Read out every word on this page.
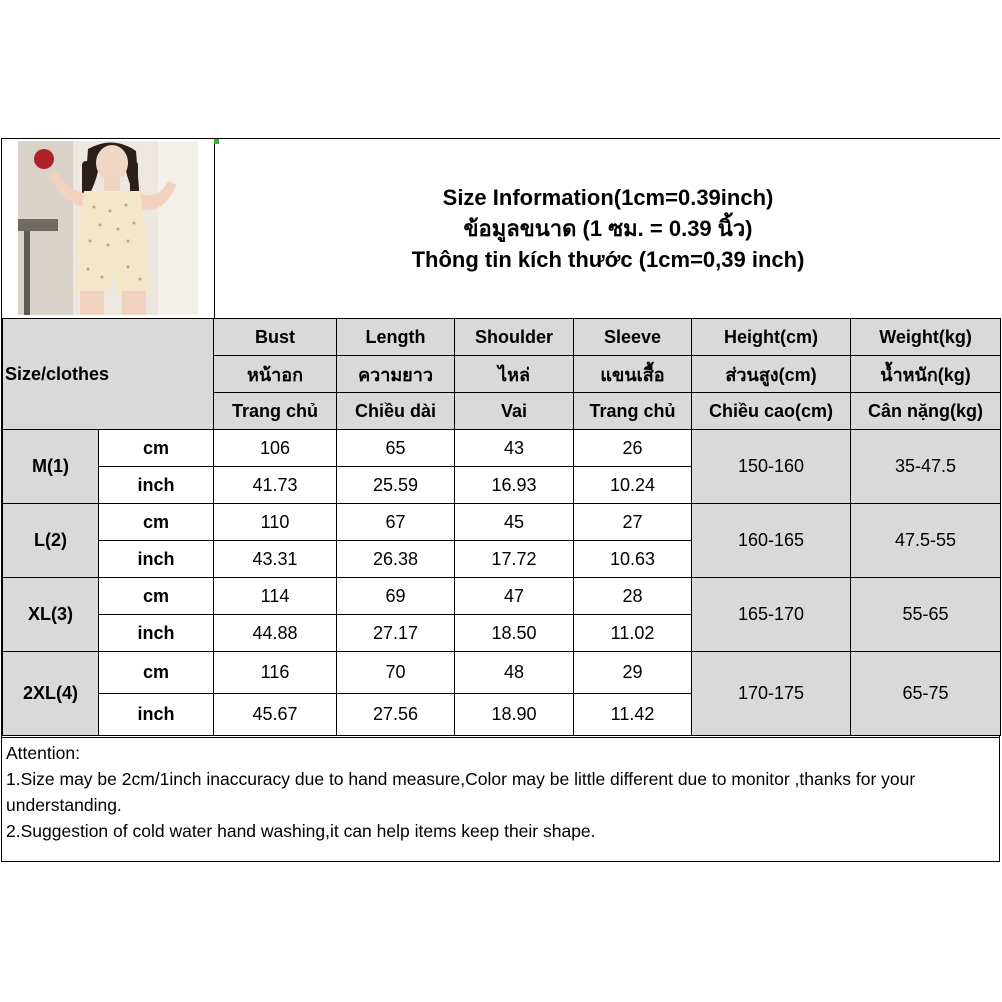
Size Information(1cm=0.39inch)
ข้อมูลขนาด (1 ซม. = 0.39 นิ้ว)
Thông tin kích thước (1cm=0,39 inch)
Size/clothes		Bust	Length	Shoulder	Sleeve	Height(cm)	Weight(kg)
		หน้าอก	ความยาว	ไหล่	แขนเสื้อ	ส่วนสูง(cm)	น้ำหนัก(kg)
		Trang chủ	Chiều dài	Vai	Trang chủ	Chiều cao(cm)	Cân nặng(kg)
M(1)	cm	106	65	43	26	150-160	35-47.5
	inch	41.73	25.59	16.93	10.24		
L(2)	cm	110	67	45	27	160-165	47.5-55
	inch	43.31	26.38	17.72	10.63		
XL(3)	cm	114	69	47	28	165-170	55-65
	inch	44.88	27.17	18.50	11.02		
2XL(4)	cm	116	70	48	29	170-175	65-75
	inch	45.67	27.56	18.90	11.42		
Attention:
1.Size may be 2cm/1inch inaccuracy due to hand measure,Color may be little different due to monitor ,thanks for your understanding.
2.Suggestion of cold water hand washing,it can help items keep their shape.
